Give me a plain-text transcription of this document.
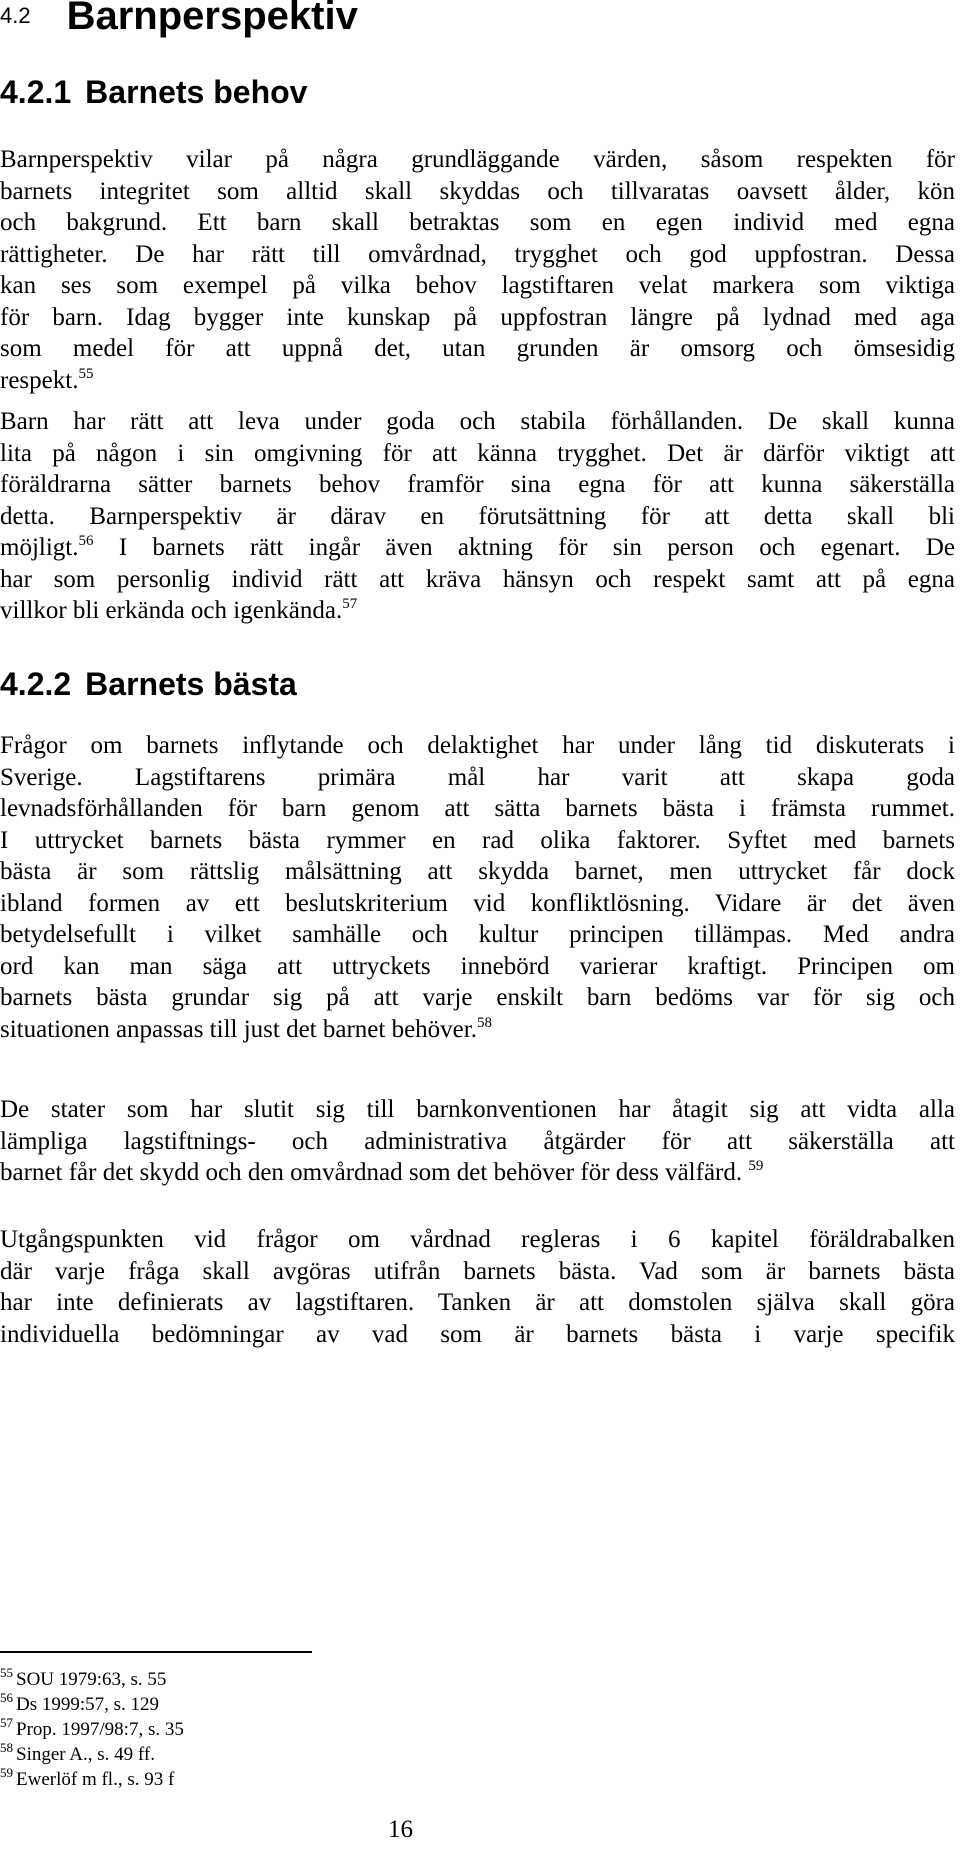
4.2 Barnperspektiv
4.2.1 Barnets behov
Barnperspektiv vilar på några grundläggande värden, såsom respekten för
barnets integritet som alltid skall skyddas och tillvaratas oavsett ålder, kön
och bakgrund. Ett barn skall betraktas som en egen individ med egna
rättigheter. De har rätt till omvårdnad, trygghet och god uppfostran. Dessa
kan ses som exempel på vilka behov lagstiftaren velat markera som viktiga
för barn. Idag bygger inte kunskap på uppfostran längre på lydnad med aga
som medel för att uppnå det, utan grunden är omsorg och ömsesidig
respekt.$^{55}$
Barn har rätt att leva under goda och stabila förhållanden. De skall kunna
lita på någon i sin omgivning för att känna trygghet. Det är därför viktigt att
föräldrarna sätter barnets behov framför sina egna för att kunna säkerställa
detta. Barnperspektiv är därav en förutsättning för att detta skall bli
möjligt.$^{56}$ I barnets rätt ingår även aktning för sin person och egenart. De
har som personlig individ rätt att kräva hänsyn och respekt samt att på egna
villkor bli erkända och igenkända.$^{57}$
4.2.2 Barnets bästa
Frågor om barnets inflytande och delaktighet har under lång tid diskuterats i
Sverige. Lagstiftarens primära mål har varit att skapa goda
levnadsförhållanden för barn genom att sätta barnets bästa i främsta rummet.
I uttrycket barnets bästa rymmer en rad olika faktorer. Syftet med barnets
bästa är som rättslig målsättning att skydda barnet, men uttrycket får dock
ibland formen av ett beslutskriterium vid konfliktlösning. Vidare är det även
betydelsefullt i vilket samhälle och kultur principen tillämpas. Med andra
ord kan man säga att uttryckets innebörd varierar kraftigt. Principen om
barnets bästa grundar sig på att varje enskilt barn bedöms var för sig och
situationen anpassas till just det barnet behöver.$^{58}$
De stater som har slutit sig till barnkonventionen har åtagit sig att vidta alla
lämpliga lagstiftnings- och administrativa åtgärder för att säkerställa att
barnet får det skydd och den omvårdnad som det behöver för dess välfärd. $^{59}$
Utgångspunkten vid frågor om vårdnad regleras i 6 kapitel föräldrabalken
där varje fråga skall avgöras utifrån barnets bästa. Vad som är barnets bästa
har inte definierats av lagstiftaren. Tanken är att domstolen själva skall göra
individuella bedömningar av vad som är barnets bästa i varje specifik
$^{55}$ SOU 1979:63, s. 55
$^{56}$ Ds 1999:57, s. 129
$^{57}$ Prop. 1997/98:7, s. 35
$^{58}$ Singer A., s. 49 ff.
$^{59}$ Ewerlöf m fl., s. 93 f
16
